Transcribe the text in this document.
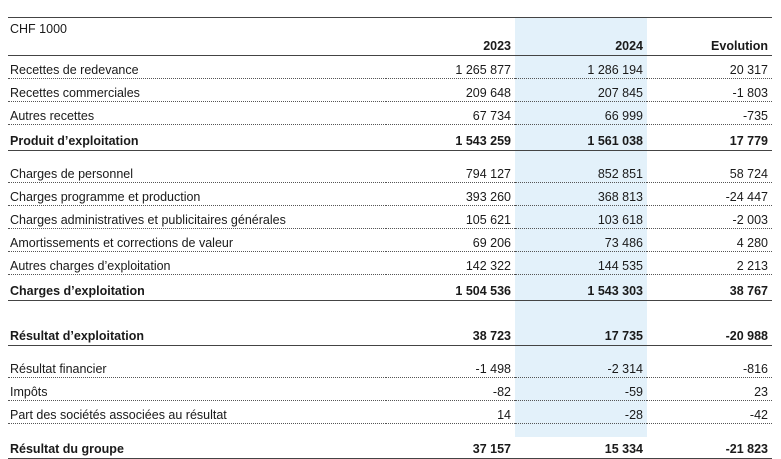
CHF 1000	2023	2024	Evolution
Recettes de redevance	1 265 877	1 286 194	20 317
Recettes commerciales	209 648	207 845	-1 803
Autres recettes	67 734	66 999	-735
Produit d’exploitation	1 543 259	1 561 038	17 779

Charges de personnel	794 127	852 851	58 724
Charges programme et production	393 260	368 813	-24 447
Charges administratives et publicitaires générales	105 621	103 618	-2 003
Amortissements et corrections de valeur	69 206	73 486	4 280
Autres charges d’exploitation	142 322	144 535	2 213
Charges d’exploitation	1 504 536	1 543 303	38 767

Résultat d’exploitation	38 723	17 735	-20 988

Résultat financier	-1 498	-2 314	-816
Impôts	-82	-59	23
Part des sociétés associées au résultat	14	-28	-42

Résultat du groupe	37 157	15 334	-21 823
